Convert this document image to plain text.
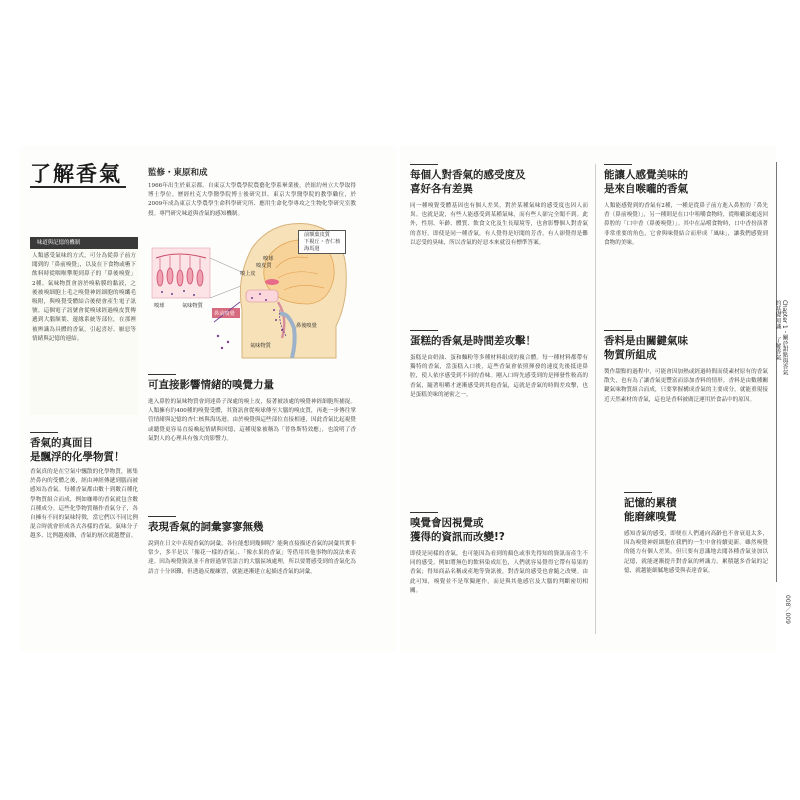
了解香氣	監修・東原和成
1966年出生於東京都。自東京大學農學院農藝化學系畢業後，於紐約州立大學取得博士學位。歷經杜克大學醫學院博士後研究員、東京大學醫學院的教學職位，於2009年成為東京大學農學生命科學研究所、應用生命化學專攻之生物化學研究室教授。專門研究味道與香氣的感知機制。
味道與記憶的機制
人類感受氣味的方式，可分為從鼻子前方聞到的「鼻前嗅覺」，以及在下食物或嚥下飲料時從咽喉攀爬到鼻子的「鼻後嗅覺」2種。氣味物質會溶於嗅粘膜的黏液，之後被嗅細胞上毛之嗅覺神經細胞的嗅纖毛吸附，與嗅覺受體結合後便會產生電子訊號。這個電子訊號會從嗅球經過嗅皮質傳遞到大腦額葉、邊緣系統等部位，在那裡被辨識為具體的香氣，引起喜好、厭惡等情緒與記憶的連結。
前額葉皮質
下視丘・杏仁核
海馬迴
嗅球
嗅皮質
嗅上皮
鼻前嗅覺
鼻後嗅覺
嗅球	氣味物質
氣味物質
香氣的真面目
是飄浮的化學物質！
香氣真的是在空氣中飄散的化學物質，匯集於鼻內的受體之後，經由神經傳遞到腦而被感知為香氣。每種香氣都由數十到數百種化學物質組合而成，例如咖啡的香氣就包含數百種成分。這些化學物質稱作香氣分子，各自擁有不同的氣味特徵，當它們以不同比例混合時就會形成各式各樣的香氣。氣味分子越多、比例越複雜，香氣的層次就越豐富。
可直接影響情緒的嗅覺力量
進入鼻腔的氣味物質會到達鼻子深處的嗅上皮，接著被該處的嗅覺神經細胞所捕捉。人類擁有約400種的嗅覺受體，其資訊會從嗅球傳至大腦的嗅皮質，再進一步傳往掌管情緒與記憶的杏仁核與海馬迴。由於嗅覺與這些部位直接相連，因此香氣比起視覺或聽覺更容易直接喚起情緒與回憶，這種現象被稱為「普魯斯特效應」，也說明了香氣對人的心理具有強大的影響力。
表現香氣的詞彙寥寥無幾
說到在日文中表現香氣的詞彙，各位能想到幾個呢？能夠直接描述香氣的詞彙其實非常少，多半是以「像花一樣的香氣」、「像水果的香氣」等借用其他事物的說法來表達。因為嗅覺資訊並不會經過掌管語言的大腦區域處理，所以要將感受到的香氣化為語言十分困難，但透過反覆練習，就能逐漸建立起描述香氣的詞彙。
每個人對香氣的感受度及
喜好各有差異
同一種嗅覺受體基因也有個人差異，對於某種氣味的感受度也因人而異。也就是說，有些人能感受到某種氣味，而有些人卻完全聞不到。此外，性別、年齡、體質、飲食文化及生長環境等，也會影響個人對香氣的喜好。即使是同一種香氣，有人覺得是好聞的芳香，有人卻覺得是難以忍受的臭味，所以香氣的好惡本來就沒有標準答案。
能讓人感覺美味的
是來自喉嚨的香氣
人類能感覺到的香氣有2種，一種是從鼻子前方進入鼻腔的「鼻先香（鼻前嗅覺）」，另一種則是在口中咀嚼食物時，從喉嚨深處返回鼻腔的「口中香（鼻後嗅覺）」。其中在品嚐食物時，口中香扮演著非常重要的角色，它會與味覺結合而形成「風味」，讓我們感覺到食物的美味。
蛋糕的香氣是時間差攻擊！
蛋糕是由奶油、蛋和麵粉等多種材料組成的複合體。每一種材料都帶有獨特的香氣，當蛋糕入口後，這些香氣會依照揮發的速度先後抵達鼻腔，使人依序感受到不同的香味。剛入口時先感受到的是揮發性較高的香氣，隨著咀嚼才逐漸感受到其他香氣，這就是香氣的時間差攻擊，也是蛋糕美味的祕密之一。
香料是由關鍵氣味
物質所組成
製作甜點的過程中，可能會因加熱或經過時間而使素材原有的香氣散失，也有為了讓香氣更豐富而添加香料的情形。香料是由數種關鍵氣味物質組合而成，只要掌握構成香氣的主要成分，就能重現接近天然素材的香氣，這也是香料被廣泛運用於食品中的原因。
嗅覺會因視覺或
獲得的資訊而改變!?
即使是同樣的香氣，也可能因為看到的顏色或事先得知的資訊而產生不同的感受。例如將無色的飲料染成紅色，人們就容易覺得它帶有莓果的香氣；得知商品名稱或產地等資訊後，對香氣的感受也會隨之改變。由此可知，嗅覺並不是單獨運作，而是與其他感官及大腦的判斷密切相關。
記憶的累積
能磨練嗅覺
感知香氣的感受，即便在人們通向高齡也不會衰退太多，因為嗅覺神經細胞在我們的一生中會持續更新。雖然嗅覺的能力有個人差異，但只要有意識地去聞各種香氣並加以記憶，就能逐漸提升對香氣的辨識力。累積越多香氣的記憶，就越能細膩地感受與表達香氣。
Chapter 1・關於甜點與香氣的基礎知識 了解香氣
008／009
